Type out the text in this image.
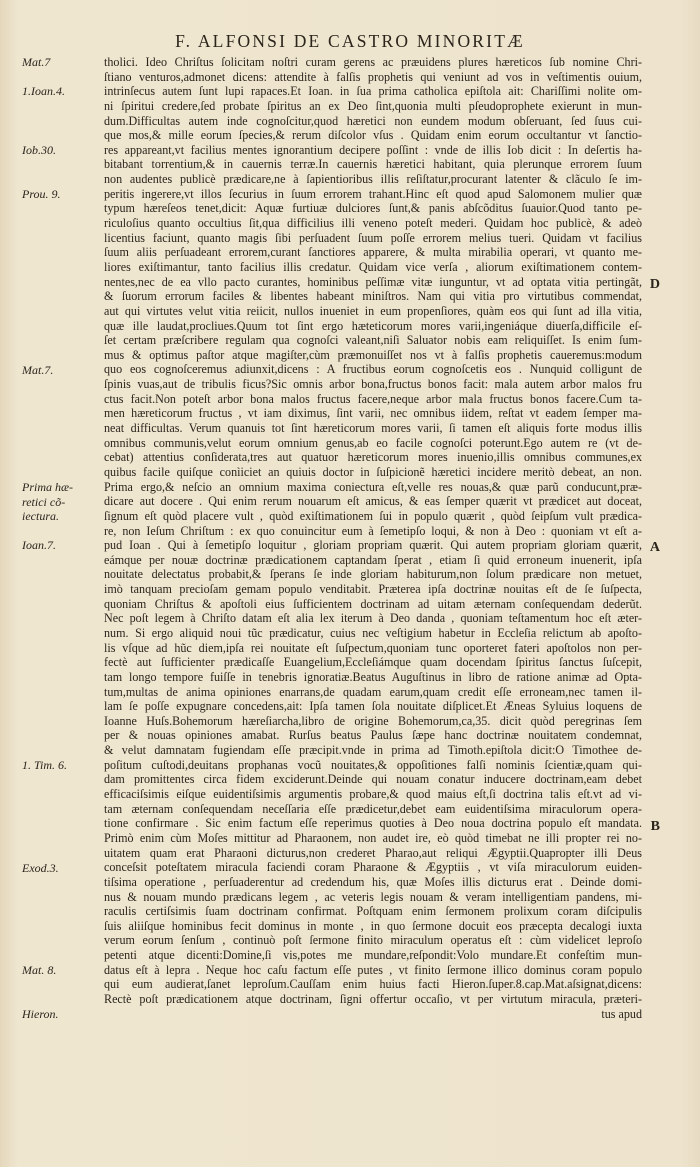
F. ALFONSI DE CASTRO MINORITÆ
tholici. Ideo Chriſtus ſolicitam noſtri curam gerens ac præuidens plures hæreticos ſub nomine Chri-
ſtiano venturos,admonet dicens: attendite à falſis prophetis qui veniunt ad vos in veſtimentis ouium,
intrinſecus autem ſunt lupi rapaces.Et Ioan. in ſua prima catholica epiſtola ait: Chariſſimi nolite om-
ni ſpiritui credere,ſed probate ſpiritus an ex Deo ſint,quonia multi pſeudoprophete exierunt in mun-
dum.Difficultas autem inde cognoſcitur,quod hæretici non eundem modum obſeruant, ſed ſuus cui-
que mos,& mille eorum ſpecies,& rerum diſcolor vſus . Quidam enim eorum occultantur vt ſanctio-
res appareant,vt facilius mentes ignorantium decipere poſſint : vnde de illis Iob dicit : In deſertis ha-
bitabant torrentium,& in cauernis terræ.In cauernis hæretici habitant, quia plerunque errorem ſuum
non audentes publicè prædicare,ne à ſapientioribus illis reſiſtatur,procurant latenter & clãculo ſe im-
peritis ingerere,vt illos ſecurius in ſuum errorem trahant.Hinc eſt quod apud Salomonem mulier quæ
typum hæreſeos tenet,dicit: Aquæ furtiuæ dulciores ſunt,& panis abſcõditus ſuauior.Quod tanto pe-
riculoſius quanto occultius ſit,qua difficilius illi veneno poteſt mederi. Quidam hoc publicè, & adeò
licentius faciunt, quanto magis ſibi perſuadent ſuum poſſe errorem melius tueri. Quidam vt facilius
ſuum aliis perſuadeant errorem,curant ſanctiores apparere, & multa mirabilia operari, vt quanto me-
liores exiſtimantur, tanto facilius illis credatur. Quidam vice verſa , aliorum exiſtimationem contem-
nentes,nec de ea vllo pacto curantes, hominibus peſſimæ vitæ iunguntur, vt ad optata vitia pertingãt,
& ſuorum errorum faciles & libentes habeant miniſtros. Nam qui vitia pro virtutibus commendat,
aut qui virtutes velut vitia reiicit, nullos inueniet in eum propenſiores, quàm eos qui ſunt ad illa vitia,
quæ ille laudat,procliues.Quum tot ſint ergo hæteticorum mores varii,ingeniáque diuerſa,difficile eſ-
ſet certam præſcribere regulam qua cognoſci valeant,niſi Saluator nobis eam reliquiſſet. Is enim ſum-
mus & optimus paſtor atque magiſter,cùm præmonuiſſet nos vt à falſis prophetis caueremus:modum
quo eos cognoſceremus adiunxit,dicens : A fructibus eorum cognoſcetis eos . Nunquid colligunt de
ſpinis vuas,aut de tribulis ficus?Sic omnis arbor bona,fructus bonos facit: mala autem arbor malos fru
ctus facit.Non poteſt arbor bona malos fructus facere,neque arbor mala fructus bonos facere.Cum ta-
men hæreticorum fructus , vt iam diximus, ſint varii, nec omnibus iidem, reſtat vt eadem ſemper ma-
neat difficultas. Verum quanuis tot ſint hæreticorum mores varii, ſi tamen eſt aliquis forte modus illis
omnibus communis,velut eorum omnium genus,ab eo facile cognoſci poterunt.Ego autem re (vt de-
cebat) attentius conſiderata,tres aut quatuor hæreticorum mores inuenio,illis omnibus communes,ex
quibus facile quiſque conìiciet an quiuis doctor in ſuſpicionẽ hæretici incidere meritò debeat, an non.
Prima ergo,& neſcio an omnium maxima coniectura eſt,velle res nouas,& quæ parũ conducunt,præ-
dicare aut docere . Qui enim rerum nouarum eſt amicus, & eas ſemper quærit vt prædicet aut doceat,
ſignum eſt quòd placere vult , quòd exiſtimationem ſui in populo quærit , quòd ſeipſum vult prædica-
re, non Ieſum Chriſtum : ex quo conuincitur eum à ſemetipſo loqui, & non à Deo : quoniam vt eſt a-
pud Ioan . Qui à ſemetipſo loquitur , gloriam propriam quærit. Qui autem propriam gloriam quærit,
eámque per nouæ doctrinæ prædicationem captandam ſperat , etiam ſi quid erroneum inuenerit, ipſa
nouitate delectatus probabit,& ſperans ſe inde gloriam habiturum,non ſolum prædicare non metuet,
imò tanquam precioſam gemam populo venditabit. Præterea ipſa doctrinæ nouitas eſt de ſe ſuſpecta,
quoniam Chriſtus & apoſtoli eius ſufficientem doctrinam ad uitam æternam conſequendam dederũt.
Nec poſt legem à Chriſto datam eſt alia lex iterum à Deo danda , quoniam teſtamentum hoc eſt æter-
num. Si ergo aliquid noui tũc prædicatur, cuius nec veſtigium habetur in Eccleſia relictum ab apoſto-
lis vſque ad hũc diem,ipſa rei nouitate eſt ſuſpectum,quoniam tunc oporteret fateri apoſtolos non per-
fectè aut ſufficienter prædicaſſe Euangelium,Eccleſiámque quam docendam ſpiritus ſanctus ſuſcepit,
tam longo tempore fuiſſe in tenebris ignoratiæ.Beatus Auguſtinus in libro de ratione animæ ad Opta-
tum,multas de anima opiniones enarrans,de quadam earum,quam credit eſſe erroneam,nec tamen il-
lam ſe poſſe expugnare concedens,ait: Ipſa tamen ſola nouitate diſplicet.Et Æneas Syluius loquens de
Ioanne Huſs.Bohemorum hæreſiarcha,libro de origine Bohemorum,ca,35. dicit quòd peregrinas ſem
per & nouas opiniones amabat. Rurſus beatus Paulus ſæpe hanc doctrinæ nouitatem condemnat,
& velut damnatam fugiendam eſſe præcipit.vnde in prima ad Timoth.epiſtola dicit:O Timothee de-
poſitum cuſtodi,deuitans prophanas vocũ nouitates,& oppoſitiones falſi nominis ſcientiæ,quam qui-
dam promittentes circa fidem exciderunt.Deinde qui nouam conatur inducere doctrinam,eam debet
efficaciſsimis eiſque euidentiſsimis argumentis probare,& quod maius eſt,ſi doctrina talis eſt.vt ad vi-
tam æternam conſequendam neceſſaria eſſe prædicetur,debet eam euidentiſsima miraculorum opera-
tione confirmare . Sic enim factum eſſe reperimus quoties à Deo noua doctrina populo eſt mandata.
Primò enim cùm Moſes mittitur ad Pharaonem, non audet ire, eò quòd timebat ne illi propter rei no-
uitatem quam erat Pharaoni dicturus,non crederet Pharao,aut reliqui Ægyptii.Quapropter illi Deus
conceſsit poteſtatem miracula faciendi coram Pharaone & Ægyptiis , vt viſa miraculorum euiden-
tiſsima operatione , perſuaderentur ad credendum his, quæ Moſes illis dicturus erat . Deinde domi-
nus & nouam mundo prædicans legem , ac veteris legis nouam & veram intelligentiam pandens, mi-
raculis certiſsimis ſuam doctrinam confirmat. Poſtquam enim ſermonem prolixum coram diſcipulis
ſuis aliiſque hominibus fecit dominus in monte , in quo ſermone docuit eos præcepta decalogi iuxta
verum eorum ſenſum , continuò poſt ſermone finito miraculum operatus eſt : cùm videlicet leproſo
petenti atque dicenti:Domine,ſi vis,potes me mundare,reſpondit:Volo mundare.Et confeſtim mun-
datus eſt à lepra . Neque hoc caſu factum eſſe putes , vt finito ſermone illico dominus coram populo
qui eum audierat,ſanet leproſum.Cauſſam enim huius facti Hieron.ſuper.8.cap.Mat.aſsignat,dicens:
Rectè poſt prædicationem atque doctrinam, ſigni offertur occaſio, vt per virtutum miracula, præteri-
tus apud
Mat.7
1.Ioan.4.
Iob.30.
Prou. 9.
Mat.7.
Prima hæ-
retici cõ-
iectura.
Ioan.7.
1. Tim. 6.
Exod.3.
Mat. 8.
Hieron.
D
A
B
